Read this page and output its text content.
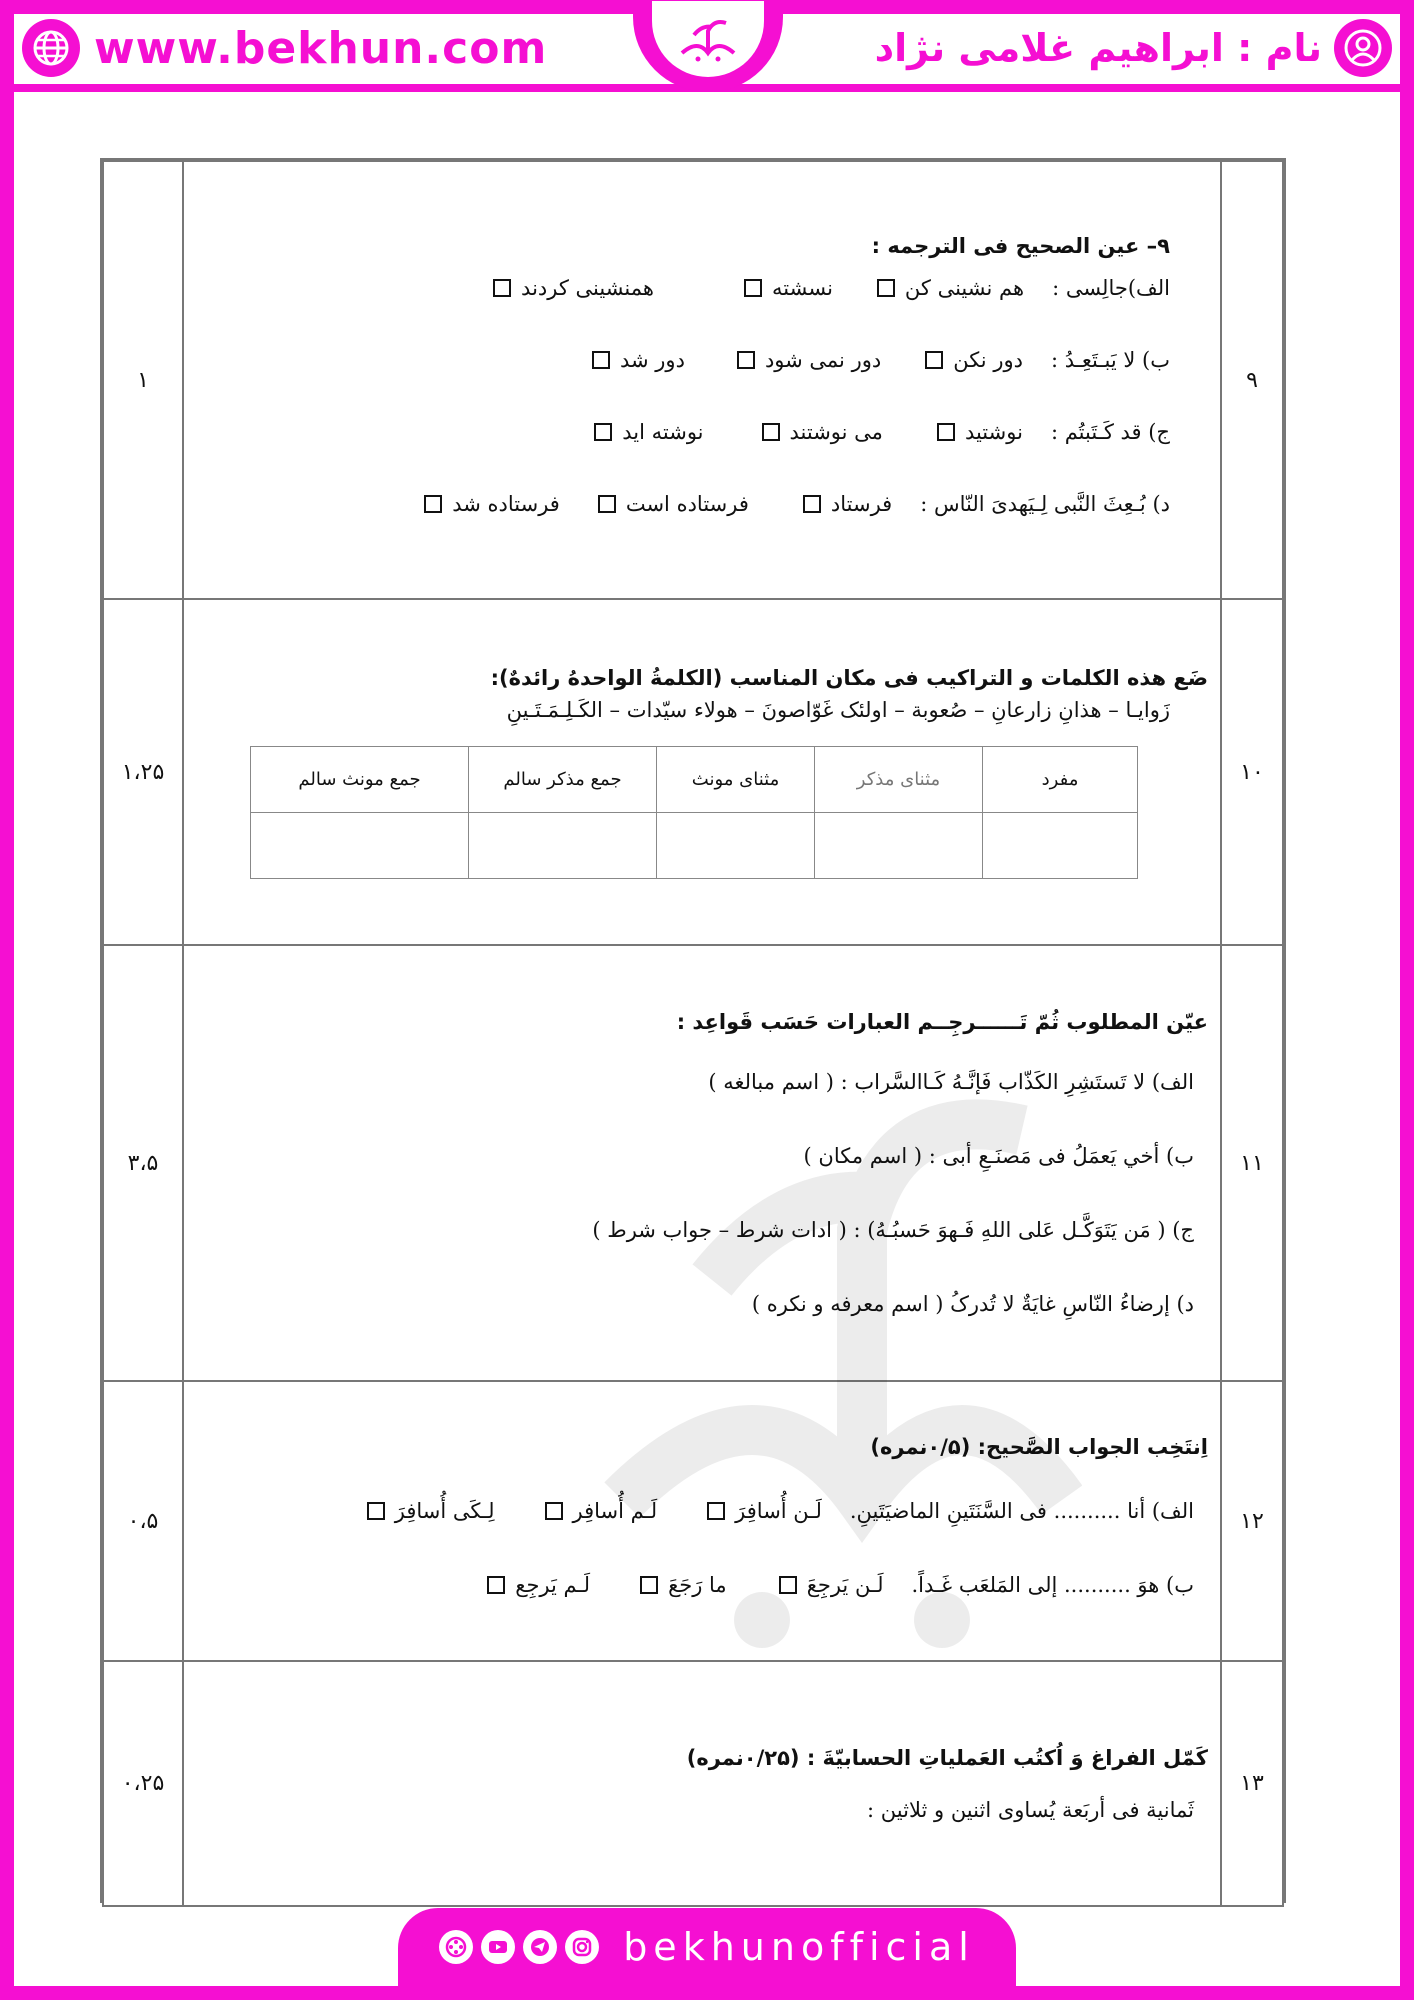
www.bekhun.com	نام : ابراهیم غلامی نژاد
۹	
۹– عین الصحیح فی الترجمه :
الف)جالِسی :
هم نشینی کن
نسشته
همنشینی کردند
ب) لا یَبـتَعِـدُ :
دور نکن
دور نمی شود
دور شد
ج) قد کَـتَبتُم :
نوشتید
می نوشتند
نوشته اید
د) بُـعِثَ النَّبی لِـیَهدیَ النّاس :
فرستاد
فرستاده است
فرستاده شد
	۱
۱۰	
ضَع هذه الکلمات و التراکیب فی مکان المناسب (الکلمةُ الواحدهُ رائدهٌ):
زَوایـا – هذانِ زارعانِ – صُعوبة – اولئک غَوّاصونَ – هولاء سیّدات – الکَـلِـمَـتَـینِ
مفرد	مثنای مذکر	مثنای مونث	جمع مذکر سالم	جمع مونث سالم

	۱،۲۵
۱۱	
عیّن المطلوب ثُمّ تَــــــرجِــم العبارات حَسَب قَواعِد :
الف) لا تَستَشِرِ الکَذّاب فَإنَّـهُ کَـاالسَّراب : ( اسم مبالغه )
ب) أخي یَعمَلُ فی مَصنَـعِ أبی : ( اسم مکان )
ج) ( مَن یَتَوَکَّـل عَلی اللهِ فَـهوَ حَسبُـهُ) : ( ادات شرط – جواب شرط )
د) إرضاءُ النّاسِ غایَةٌ لا تُدرکُ ( اسم معرفه و نکره )
	۳،۵
۱۲	
اِنتَخِب الجواب الصَّحیح: (۰/۵نمره)
الف) أنا .......... فی السَّنَتَینِ الماضیَتَینِ.
لَـن أُسافِرَ
لَـم أُسافِر
لِـکَی أُسافِرَ
ب) هوَ .......... إلی المَلعَب غَـداً.
لَـن یَرجِعَ
ما رَجَعَ
لَـم یَرجِع
	۰،۵
۱۳	
کَمّل الفراغ وَ اُکتُب العَملیاتِ الحسابیّةَ : (۰/۲۵نمره)
ثَمانیة فی أربَعة یُساوی اثنین و ثلاثین :
	۰،۲۵
bekhunofficial
